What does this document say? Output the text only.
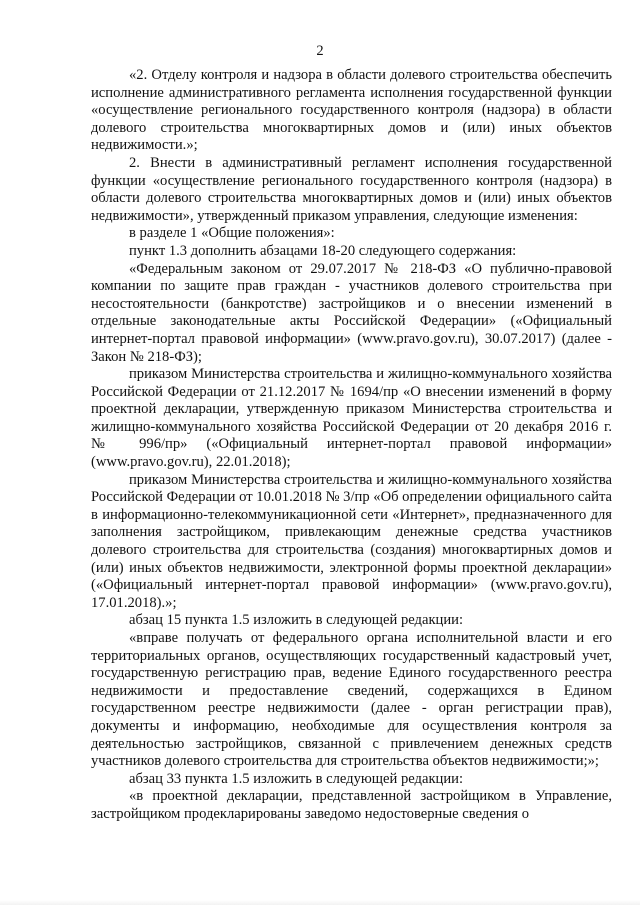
2

«2. Отделу контроля и надзора в области долевого строительства обеспечить исполнение административного регламента исполнения государственной функции «осуществление регионального государственного контроля (надзора) в области долевого строительства многоквартирных домов и (или) иных объектов недвижимости.»;

2. Внести в административный регламент исполнения государственной функции «осуществление регионального государственного контроля (надзора) в области долевого строительства многоквартирных домов и (или) иных объектов недвижимости», утвержденный приказом управления, следующие изменения:

в разделе 1 «Общие положения»:

пункт 1.3 дополнить абзацами 18-20 следующего содержания:

«Федеральным законом от 29.07.2017 № 218-ФЗ «О публично-правовой компании по защите прав граждан - участников долевого строительства при несостоятельности (банкротстве) застройщиков и о внесении изменений в отдельные законодательные акты Российской Федерации» («Официальный интернет-портал правовой информации» (www.pravo.gov.ru), 30.07.2017) (далее - Закон № 218-ФЗ);

приказом Министерства строительства и жилищно-коммунального хозяйства Российской Федерации от 21.12.2017 № 1694/пр «О внесении изменений в форму проектной декларации, утвержденную приказом Министерства строительства и жилищно-коммунального хозяйства Российской Федерации от 20 декабря 2016 г. № 996/пр» («Официальный интернет-портал правовой информации» (www.pravo.gov.ru), 22.01.2018);

приказом Министерства строительства и жилищно-коммунального хозяйства Российской Федерации от 10.01.2018 № 3/пр «Об определении официального сайта в информационно-телекоммуникационной сети «Интернет», предназначенного для заполнения застройщиком, привлекающим денежные средства участников долевого строительства для строительства (создания) многоквартирных домов и (или) иных объектов недвижимости, электронной формы проектной декларации» («Официальный интернет-портал правовой информации» (www.pravo.gov.ru), 17.01.2018).»;

абзац 15 пункта 1.5 изложить в следующей редакции:

«вправе получать от федерального органа исполнительной власти и его территориальных органов, осуществляющих государственный кадастровый учет, государственную регистрацию прав, ведение Единого государственного реестра недвижимости и предоставление сведений, содержащихся в Едином государственном реестре недвижимости (далее - орган регистрации прав), документы и информацию, необходимые для осуществления контроля за деятельностью застройщиков, связанной с привлечением денежных средств участников долевого строительства для строительства объектов недвижимости;»;

абзац 33 пункта 1.5 изложить в следующей редакции:

«в проектной декларации, представленной застройщиком в Управление, застройщиком продекларированы заведомо недостоверные сведения о
